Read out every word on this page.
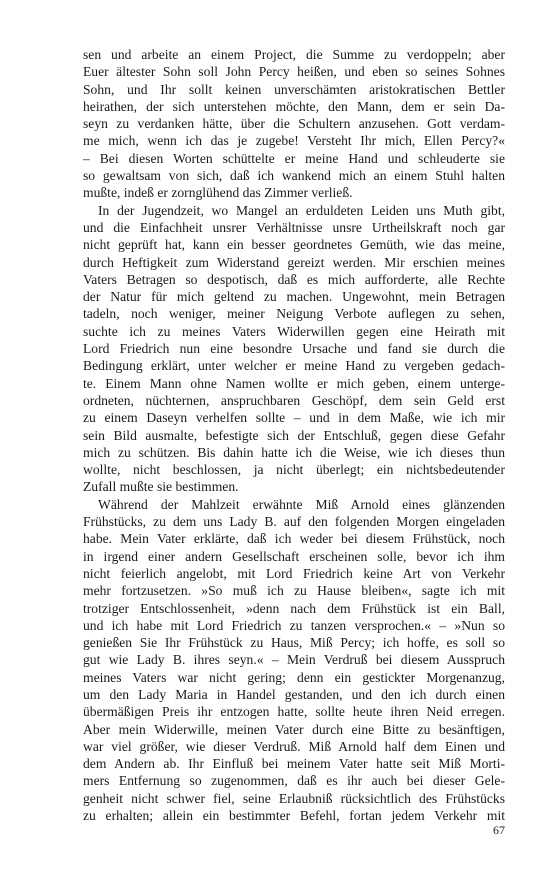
sen und arbeite an einem Project, die Summe zu verdoppeln; aber
Euer ältester Sohn soll John Percy heißen, und eben so seines Sohnes
Sohn, und Ihr sollt keinen unverschämten aristokratischen Bettler
heirathen, der sich unterstehen möchte, den Mann, dem er sein Da-
seyn zu verdanken hätte, über die Schultern anzusehen. Gott verdam-
me mich, wenn ich das je zugebe! Versteht Ihr mich, Ellen Percy?«
– Bei diesen Worten schüttelte er meine Hand und schleuderte sie
so gewaltsam von sich, daß ich wankend mich an einem Stuhl halten
mußte, indeß er zornglühend das Zimmer verließ.
In der Jugendzeit, wo Mangel an erduldeten Leiden uns Muth gibt,
und die Einfachheit unsrer Verhältnisse unsre Urtheilskraft noch gar
nicht geprüft hat, kann ein besser geordnetes Gemüth, wie das meine,
durch Heftigkeit zum Widerstand gereizt werden. Mir erschien meines
Vaters Betragen so despotisch, daß es mich aufforderte, alle Rechte
der Natur für mich geltend zu machen. Ungewohnt, mein Betragen
tadeln, noch weniger, meiner Neigung Verbote auflegen zu sehen,
suchte ich zu meines Vaters Widerwillen gegen eine Heirath mit
Lord Friedrich nun eine besondre Ursache und fand sie durch die
Bedingung erklärt, unter welcher er meine Hand zu vergeben gedach-
te. Einem Mann ohne Namen wollte er mich geben, einem unterge-
ordneten, nüchternen, anspruchbaren Geschöpf, dem sein Geld erst
zu einem Daseyn verhelfen sollte – und in dem Maße, wie ich mir
sein Bild ausmalte, befestigte sich der Entschluß, gegen diese Gefahr
mich zu schützen. Bis dahin hatte ich die Weise, wie ich dieses thun
wollte, nicht beschlossen, ja nicht überlegt; ein nichtsbedeutender
Zufall mußte sie bestimmen.
Während der Mahlzeit erwähnte Miß Arnold eines glänzenden
Frühstücks, zu dem uns Lady B. auf den folgenden Morgen eingeladen
habe. Mein Vater erklärte, daß ich weder bei diesem Frühstück, noch
in irgend einer andern Gesellschaft erscheinen solle, bevor ich ihm
nicht feierlich angelobt, mit Lord Friedrich keine Art von Verkehr
mehr fortzusetzen. »So muß ich zu Hause bleiben«, sagte ich mit
trotziger Entschlossenheit, »denn nach dem Frühstück ist ein Ball,
und ich habe mit Lord Friedrich zu tanzen versprochen.« – »Nun so
genießen Sie Ihr Frühstück zu Haus, Miß Percy; ich hoffe, es soll so
gut wie Lady B. ihres seyn.« – Mein Verdruß bei diesem Ausspruch
meines Vaters war nicht gering; denn ein gestickter Morgenanzug,
um den Lady Maria in Handel gestanden, und den ich durch einen
übermäßigen Preis ihr entzogen hatte, sollte heute ihren Neid erregen.
Aber mein Widerwille, meinen Vater durch eine Bitte zu besänftigen,
war viel größer, wie dieser Verdruß. Miß Arnold half dem Einen und
dem Andern ab. Ihr Einfluß bei meinem Vater hatte seit Miß Morti-
mers Entfernung so zugenommen, daß es ihr auch bei dieser Gele-
genheit nicht schwer fiel, seine Erlaubniß rücksichtlich des Frühstücks
zu erhalten; allein ein bestimmter Befehl, fortan jedem Verkehr mit
67
